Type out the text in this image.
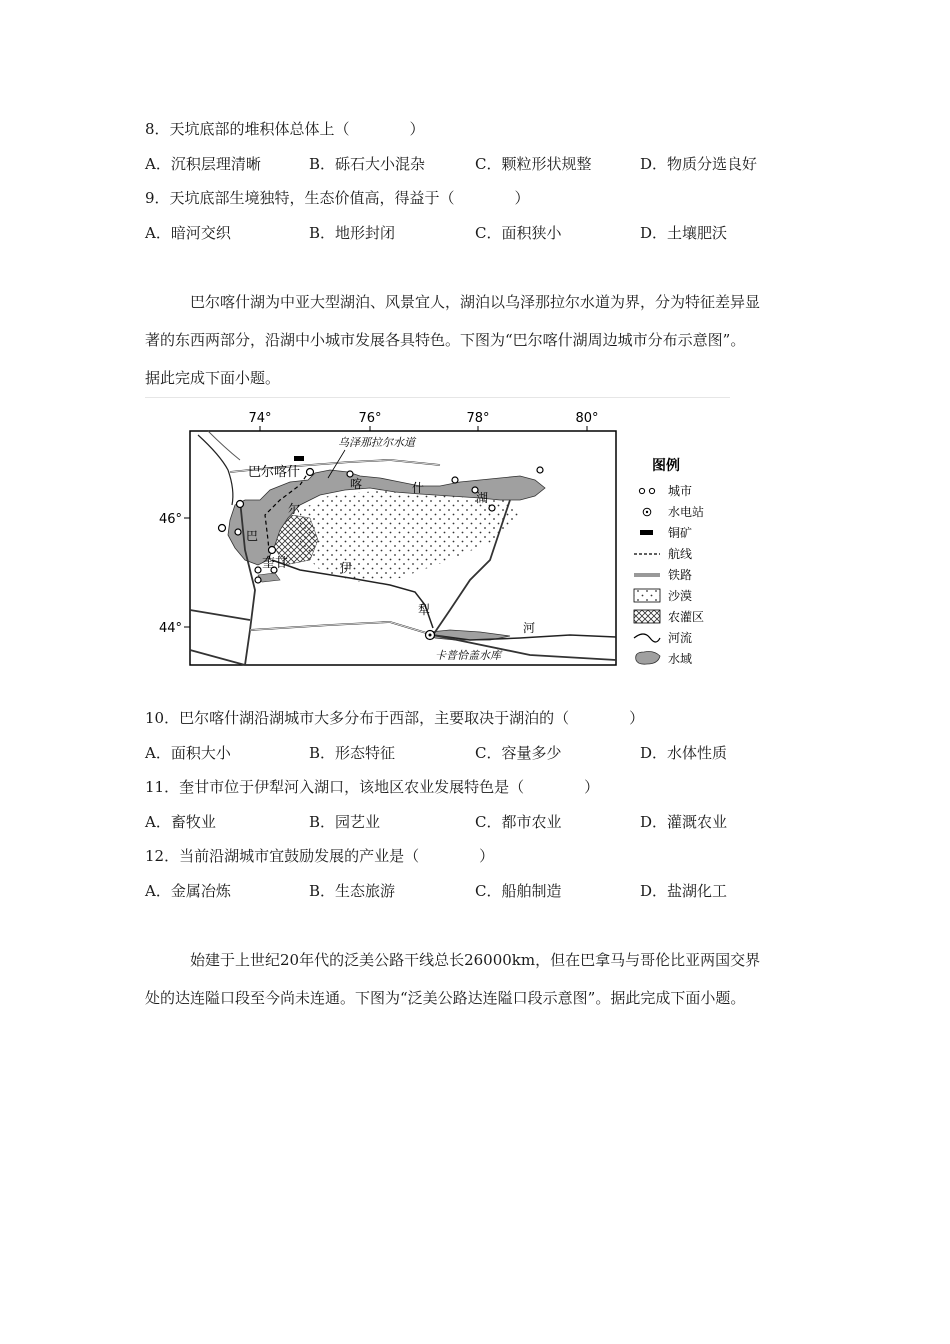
8．天坑底部的堆积体总体上（　　　　）
A．沉积层理清晰	B．砾石大小混杂	C．颗粒形状规整	D．物质分选良好
9．天坑底部生境独特，生态价值高，得益于（　　　　）
A．暗河交织	B．地形封闭	C．面积狭小	D．土壤肥沃
巴尔喀什湖为中亚大型湖泊、风景宜人，湖泊以乌泽那拉尔水道为界，分为特征差异显
著的东西两部分，沿湖中小城市发展各具特色。下图为“巴尔喀什湖周边城市分布示意图”。
据此完成下面小题。
74°	76°	78°	80°
46°
44°
巴尔喀什
乌泽那拉尔水道
奎甘
卡普恰盖水库
巴
尔
喀	什
湖
伊
犁
河
图例
城市
水电站
铜矿
航线
铁路
沙漠
农灌区
河流
水域
10．巴尔喀什湖沿湖城市大多分布于西部，主要取决于湖泊的（　　　　）
A．面积大小	B．形态特征	C．容量多少	D．水体性质
11．奎甘市位于伊犁河入湖口，该地区农业发展特色是（　　　　）
A．畜牧业	B．园艺业	C．都市农业	D．灌溉农业
12．当前沿湖城市宜鼓励发展的产业是（　　　　）
A．金属冶炼	B．生态旅游	C．船舶制造	D．盐湖化工
始建于上世纪20年代的泛美公路干线总长26000km，但在巴拿马与哥伦比亚两国交界
处的达连隘口段至今尚未连通。下图为“泛美公路达连隘口段示意图”。据此完成下面小题。
